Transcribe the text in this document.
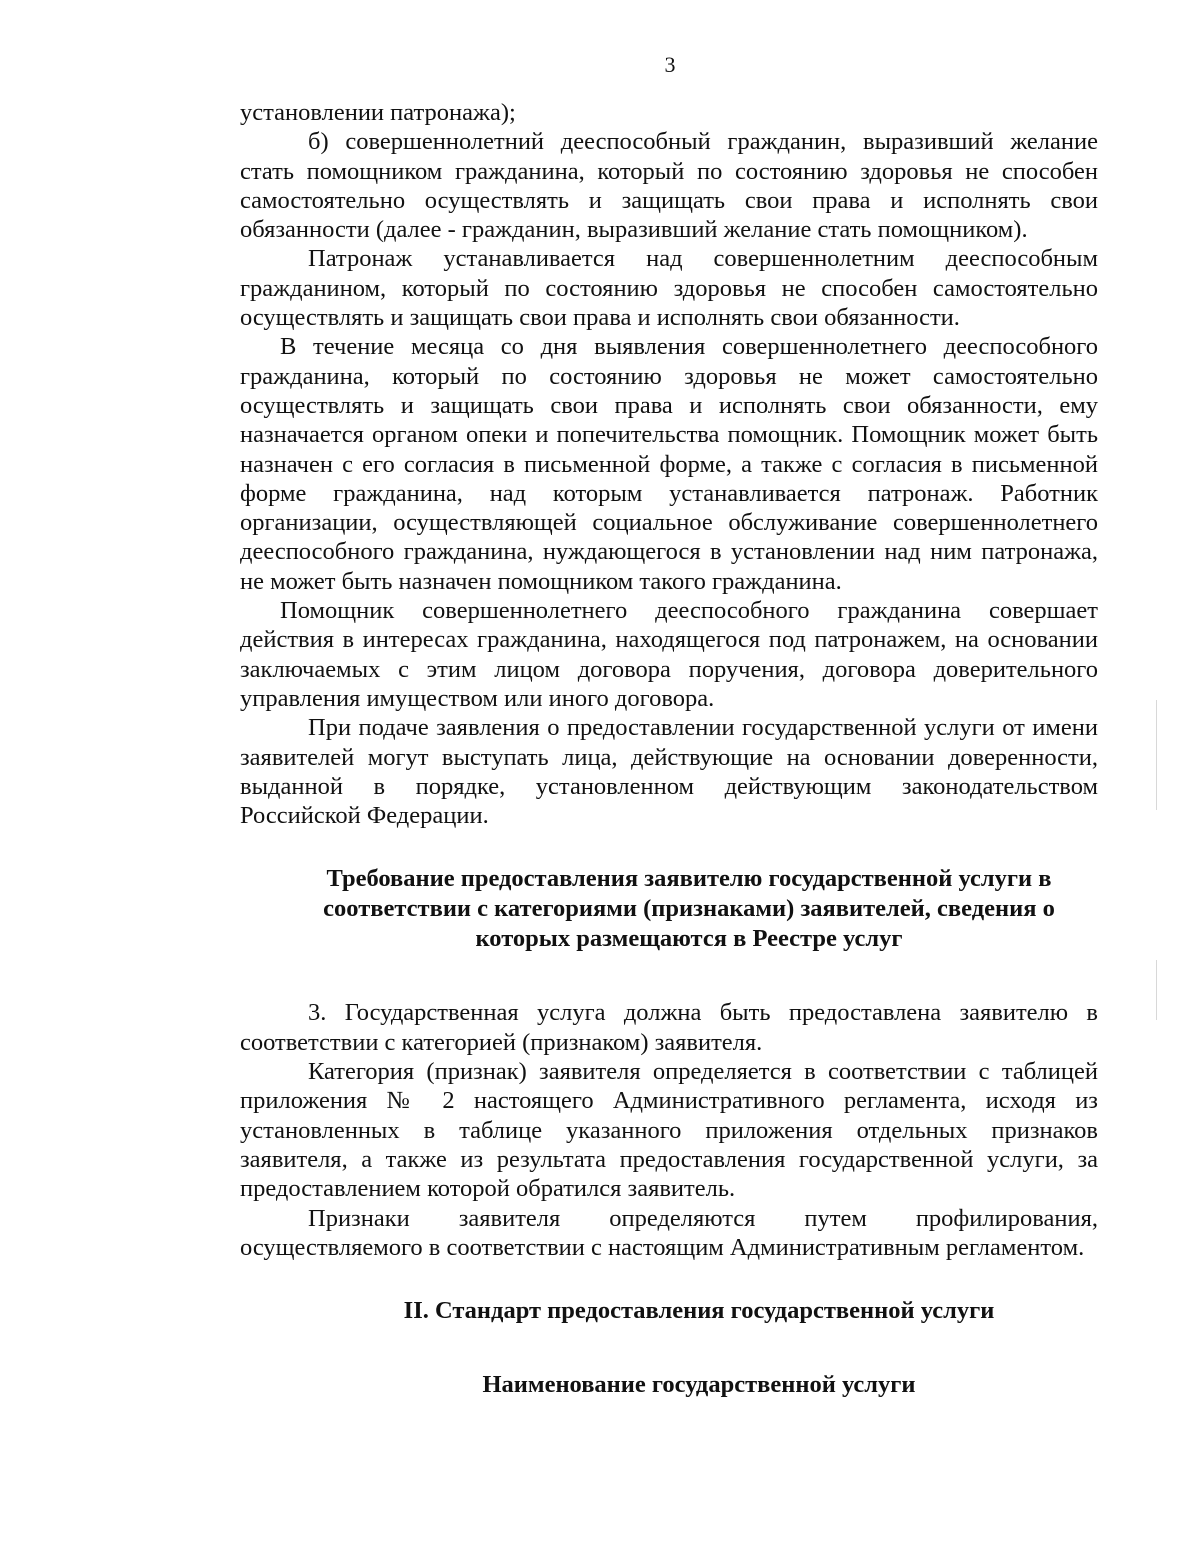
3

установлении патронажа);

б) совершеннолетний дееспособный гражданин, выразивший желание стать помощником гражданина, который по состоянию здоровья не способен самостоятельно осуществлять и защищать свои права и исполнять свои обязанности (далее - гражданин, выразивший желание стать помощником).

Патронаж устанавливается над совершеннолетним дееспособным гражданином, который по состоянию здоровья не способен самостоятельно осуществлять и защищать свои права и исполнять свои обязанности.

В течение месяца со дня выявления совершеннолетнего дееспособного гражданина, который по состоянию здоровья не может самостоятельно осуществлять и защищать свои права и исполнять свои обязанности, ему назначается органом опеки и попечительства помощник. Помощник может быть назначен с его согласия в письменной форме, а также с согласия в письменной форме гражданина, над которым устанавливается патронаж. Работник организации, осуществляющей социальное обслуживание совершеннолетнего дееспособного гражданина, нуждающегося в установлении над ним патронажа, не может быть назначен помощником такого гражданина.

Помощник совершеннолетнего дееспособного гражданина совершает действия в интересах гражданина, находящегося под патронажем, на основании заключаемых с этим лицом договора поручения, договора доверительного управления имуществом или иного договора.

При подаче заявления о предоставлении государственной услуги от имени заявителей могут выступать лица, действующие на основании доверенности, выданной в порядке, установленном действующим законодательством Российской Федерации.

Требование предоставления заявителю государственной услуги в

соответствии с категориями (признаками) заявителей, сведения о

которых размещаются в Реестре услуг

3. Государственная услуга должна быть предоставлена заявителю в соответствии с категорией (признаком) заявителя.

Категория (признак) заявителя определяется в соответствии с таблицей приложения № 2 настоящего Административного регламента, исходя из установленных в таблице указанного приложения отдельных признаков заявителя, а также из результата предоставления государственной услуги, за предоставлением которой обратился заявитель.

Признаки заявителя определяются путем профилирования, осуществляемого в соответствии с настоящим Административным регламентом.

II. Стандарт предоставления государственной услуги

Наименование государственной услуги
